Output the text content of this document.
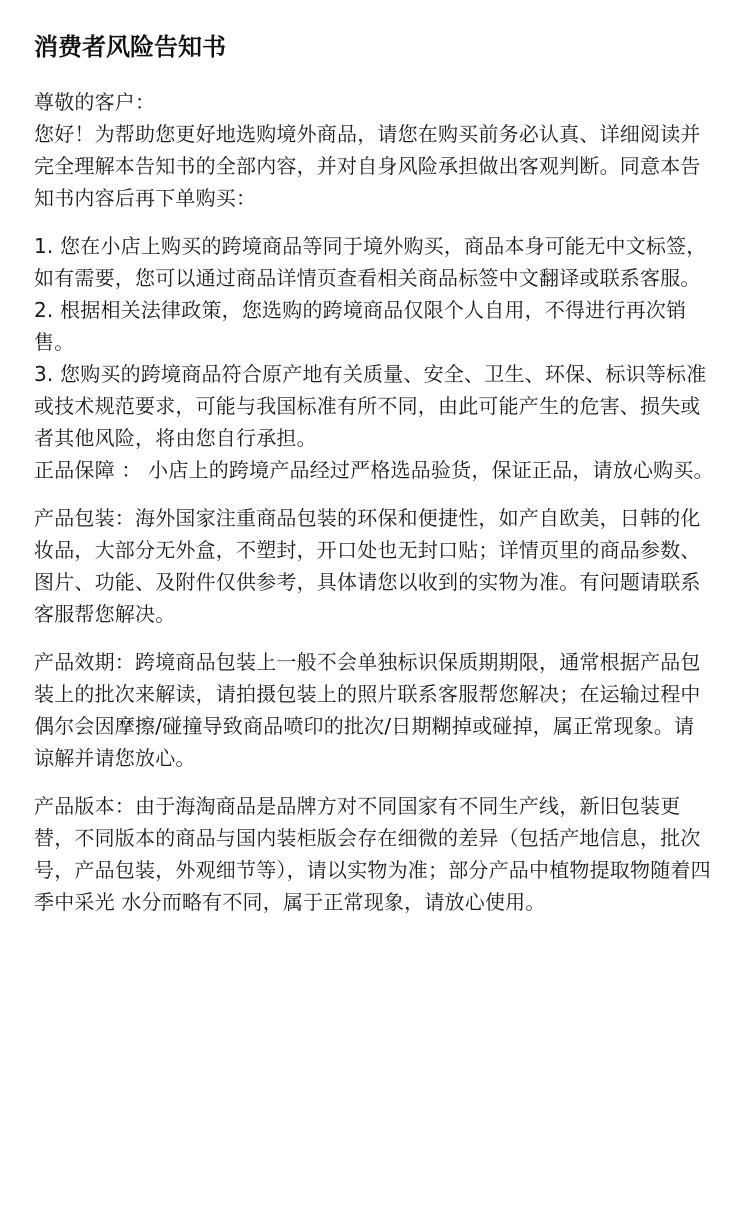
消费者风险告知书

尊敬的客户：

您好！为帮助您更好地选购境外商品，请您在购买前务必认真、详细阅读并完全理解本告知书的全部内容，并对自身风险承担做出客观判断。同意本告知书内容后再下单购买：

1. 您在小店上购买的跨境商品等同于境外购买，商品本身可能无中文标签，如有需要，您可以通过商品详情页查看相关商品标签中文翻译或联系客服。

2. 根据相关法律政策，您选购的跨境商品仅限个人自用，不得进行再次销售。

3. 您购买的跨境商品符合原产地有关质量、安全、卫生、环保、标识等标准或技术规范要求，可能与我国标准有所不同，由此可能产生的危害、损失或者其他风险，将由您自行承担。

正品保障 ： 小店上的跨境产品经过严格选品验货，保证正品，请放心购买。

产品包装：海外国家注重商品包装的环保和便捷性，如产自欧美，日韩的化妆品，大部分无外盒，不塑封，开口处也无封口贴；详情页里的商品参数、图片、功能、及附件仅供参考，具体请您以收到的实物为准。有问题请联系客服帮您解决。

产品效期：跨境商品包装上一般不会单独标识保质期期限，通常根据产品包装上的批次来解读，请拍摄包装上的照片联系客服帮您解决；在运输过程中偶尔会因摩擦/碰撞导致商品喷印的批次/日期糊掉或碰掉，属正常现象。请谅解并请您放心。

产品版本：由于海淘商品是品牌方对不同国家有不同生产线，新旧包装更替，不同版本的商品与国内装柜版会存在细微的差异（包括产地信息，批次号，产品包装，外观细节等），请以实物为准；部分产品中植物提取物随着四季中采光 水分而略有不同，属于正常现象，请放心使用。
